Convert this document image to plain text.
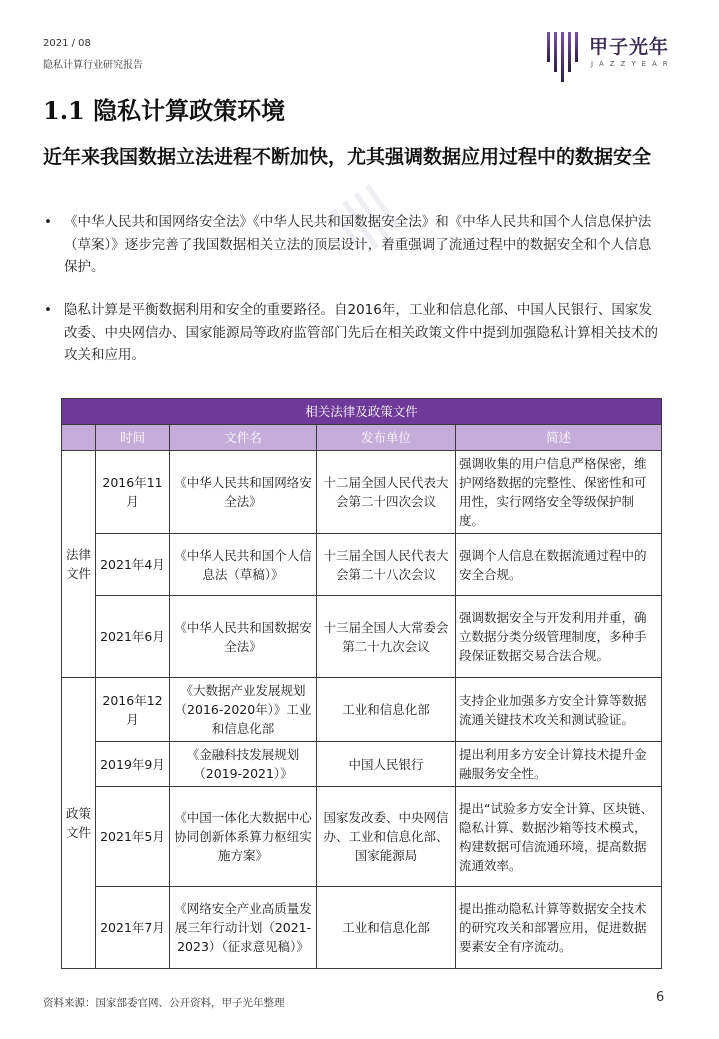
2021 / 08
隐私计算行业研究报告
甲子光年
JAZZYEAR
1.1 隐私计算政策环境
近年来我国数据立法进程不断加快，尤其强调数据应用过程中的数据安全
• 《中华人民共和国网络安全法》《中华人民共和国数据安全法》和《中华人民共和国个人信息保护法（草案）》逐步完善了我国数据相关立法的顶层设计，着重强调了流通过程中的数据安全和个人信息保护。
• 隐私计算是平衡数据利用和安全的重要路径。自2016年，工业和信息化部、中国人民银行、国家发改委、中央网信办、国家能源局等政府监管部门先后在相关政策文件中提到加强隐私计算相关技术的攻关和应用。
相关法律及政策文件				
	时间	文件名	发布单位	简述
法律文件	2016年11月	《中华人民共和国网络安全法》	十二届全国人民代表大会第二十四次会议	强调收集的用户信息严格保密，维护网络数据的完整性、保密性和可用性，实行网络安全等级保护制度。
	2021年4月	《中华人民共和国个人信息法（草稿）》	十三届全国人民代表大会第二十八次会议	强调个人信息在数据流通过程中的安全合规。
	2021年6月	《中华人民共和国数据安全法》	十三届全国人大常委会第二十九次会议	强调数据安全与开发利用并重，确立数据分类分级管理制度，多种手段保证数据交易合法合规。
政策文件	2016年12月	《大数据产业发展规划（2016-2020年）》工业和信息化部	工业和信息化部	支持企业加强多方安全计算等数据流通关键技术攻关和测试验证。
	2019年9月	《金融科技发展规划（2019-2021）》	中国人民银行	提出利用多方安全计算技术提升金融服务安全性。
	2021年5月	《中国一体化大数据中心协同创新体系算力枢纽实施方案》	国家发改委、中央网信办、工业和信息化部、国家能源局	提出“试验多方安全计算、区块链、隐私计算、数据沙箱等技术模式，构建数据可信流通环境，提高数据流通效率。
	2021年7月	《网络安全产业高质量发展三年行动计划（2021-2023）（征求意见稿）》	工业和信息化部	提出推动隐私计算等数据安全技术的研究攻关和部署应用，促进数据要素安全有序流动。
资料来源：国家部委官网、公开资料，甲子光年整理	6
